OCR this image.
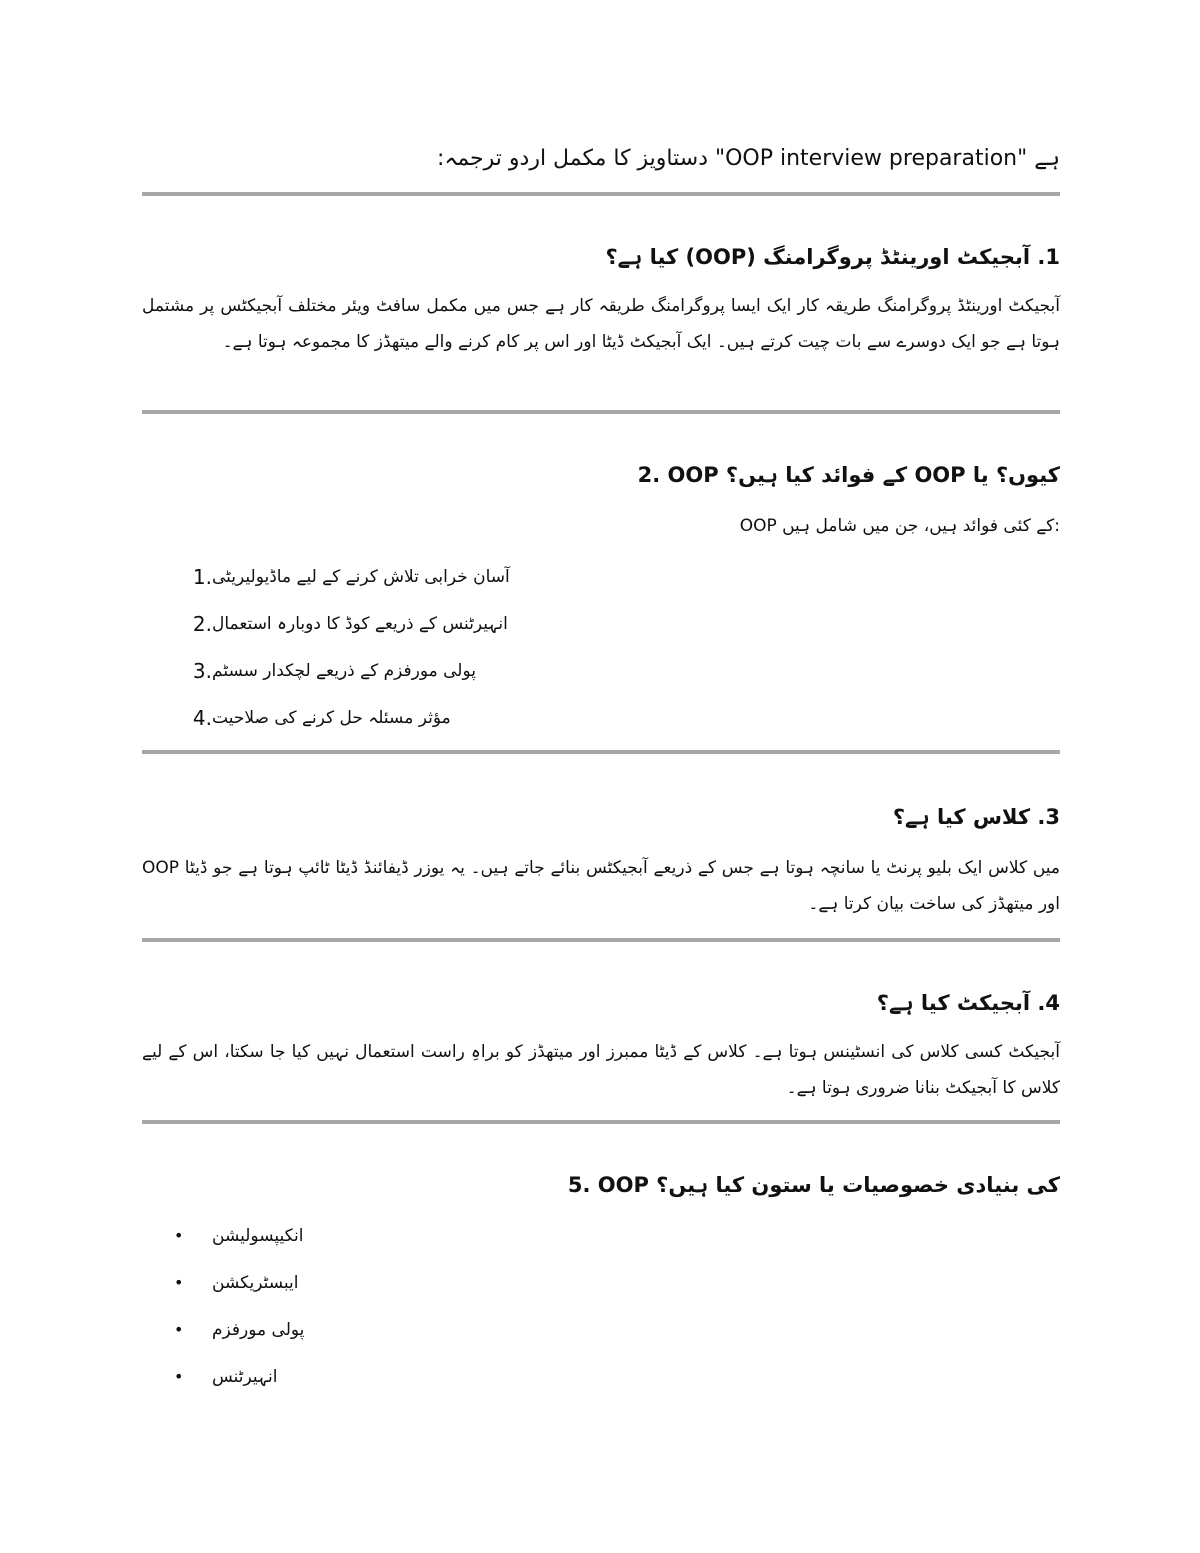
ہے "OOP interview preparation" دستاویز کا مکمل اردو ترجمہ:
1. آبجیکٹ اورینٹڈ پروگرامنگ (OOP) کیا ہے؟
آبجیکٹ اورینٹڈ پروگرامنگ طریقہ کار ایک ایسا پروگرامنگ طریقہ کار ہے جس میں مکمل سافٹ ویئر مختلف آبجیکٹس پر مشتمل ہوتا ہے جو ایک دوسرے سے بات چیت کرتے ہیں۔ ایک آبجیکٹ ڈیٹا اور اس پر کام کرنے والے میتھڈز کا مجموعہ ہوتا ہے۔
2. OOP کے فوائد کیا ہیں؟ OOP کیوں؟ یا
OOP کے کئی فوائد ہیں، جن میں شامل ہیں:
1. آسان خرابی تلاش کرنے کے لیے ماڈیولیریٹی
2. انہیرٹنس کے ذریعے کوڈ کا دوبارہ استعمال
3. پولی مورفزم کے ذریعے لچکدار سسٹم
4. مؤثر مسئلہ حل کرنے کی صلاحیت
3. کلاس کیا ہے؟
OOP میں کلاس ایک بلیو پرنٹ یا سانچہ ہوتا ہے جس کے ذریعے آبجیکٹس بنائے جاتے ہیں۔ یہ یوزر ڈیفائنڈ ڈیٹا ٹائپ ہوتا ہے جو ڈیٹا اور میتھڈز کی ساخت بیان کرتا ہے۔
4. آبجیکٹ کیا ہے؟
آبجیکٹ کسی کلاس کی انسٹینس ہوتا ہے۔ کلاس کے ڈیٹا ممبرز اور میتھڈز کو براہِ راست استعمال نہیں کیا جا سکتا، اس کے لیے کلاس کا آبجیکٹ بنانا ضروری ہوتا ہے۔
5. OOP کی بنیادی خصوصیات یا ستون کیا ہیں؟
•	انکیپسولیشن
•	ایبسٹریکشن
•	پولی مورفزم
•	انہیرٹنس
